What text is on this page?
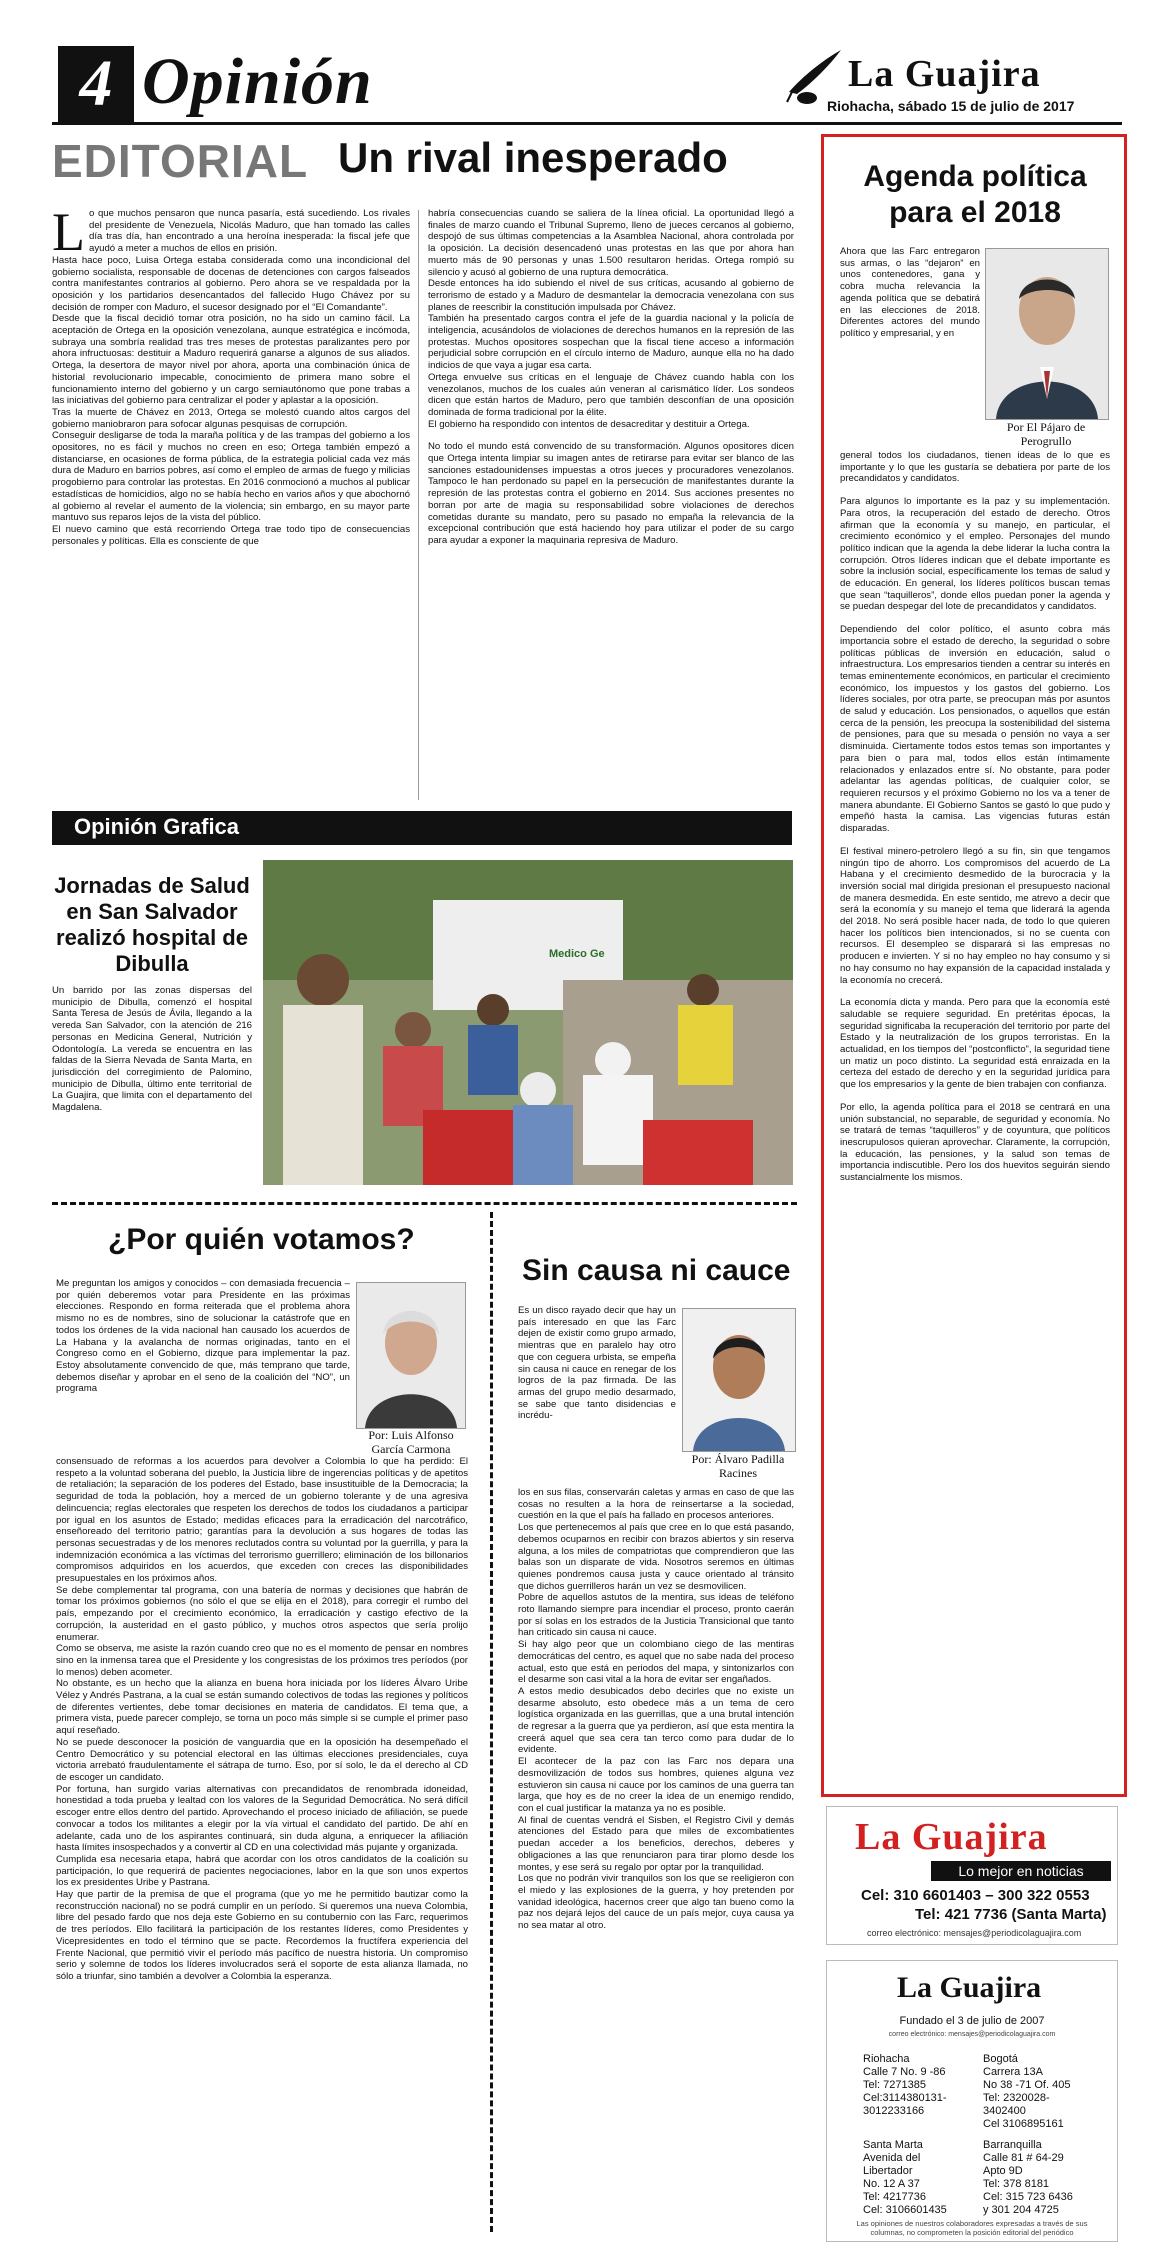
4 Opinión	La Guajira
Riohacha, sábado 15 de julio de 2017
EDITORIAL Un rival inesperado
L o que muchos pensaron que nunca pasaría, está sucediendo. Los rivales del presidente de Venezuela, Nicolás Maduro, que han tomado las calles día tras día, han encontrado a una heroína inesperada: la fiscal jefe que ayudó a meter a muchos de ellos en prisión.

Hasta hace poco, Luisa Ortega estaba considerada como una incondicional del gobierno socialista, responsable de docenas de detenciones con cargos falseados contra manifestantes contrarios al gobierno. Pero ahora se ve respaldada por la oposición y los partidarios desencantados del fallecido Hugo Chávez por su decisión de romper con Maduro, el sucesor designado por el “El Comandante”.

Desde que la fiscal decidió tomar otra posición, no ha sido un camino fácil. La aceptación de Ortega en la oposición venezolana, aunque estratégica e incómoda, subraya una sombría realidad tras tres meses de protestas paralizantes pero por ahora infructuosas: destituir a Maduro requerirá ganarse a algunos de sus aliados. Ortega, la desertora de mayor nivel por ahora, aporta una combinación única de historial revolucionario impecable, conocimiento de primera mano sobre el funcionamiento interno del gobierno y un cargo semiautónomo que pone trabas a las iniciativas del gobierno para centralizar el poder y aplastar a la oposición.

Tras la muerte de Chávez en 2013, Ortega se molestó cuando altos cargos del gobierno maniobraron para sofocar algunas pesquisas de corrupción.

Conseguir desligarse de toda la maraña política y de las trampas del gobierno a los opositores, no es fácil y muchos no creen en eso; Ortega también empezó a distanciarse, en ocasiones de forma pública, de la estrategia policial cada vez más dura de Maduro en barrios pobres, así como el empleo de armas de fuego y milicias progobierno para controlar las protestas. En 2016 conmocionó a muchos al publicar estadísticas de homicidios, algo no se había hecho en varios años y que abochornó al gobierno al revelar el aumento de la violencia; sin embargo, en su mayor parte mantuvo sus reparos lejos de la vista del público.

El nuevo camino que está recorriendo Ortega trae todo tipo de consecuencias personales y políticas. Ella es consciente de que

habría consecuencias cuando se saliera de la línea oficial. La oportunidad llegó a finales de marzo cuando el Tribunal Supremo, lleno de jueces cercanos al gobierno, despojó de sus últimas competencias a la Asamblea Nacional, ahora controlada por la oposición. La decisión desencadenó unas protestas en las que por ahora han muerto más de 90 personas y unas 1.500 resultaron heridas. Ortega rompió su silencio y acusó al gobierno de una ruptura democrática.

Desde entonces ha ido subiendo el nivel de sus críticas, acusando al gobierno de terrorismo de estado y a Maduro de desmantelar la democracia venezolana con sus planes de reescribir la constitución impulsada por Chávez.

También ha presentado cargos contra el jefe de la guardia nacional y la policía de inteligencia, acusándolos de violaciones de derechos humanos en la represión de las protestas. Muchos opositores sospechan que la fiscal tiene acceso a información perjudicial sobre corrupción en el círculo interno de Maduro, aunque ella no ha dado indicios de que vaya a jugar esa carta.

Ortega envuelve sus críticas en el lenguaje de Chávez cuando habla con los venezolanos, muchos de los cuales aún veneran al carismático líder. Los sondeos dicen que están hartos de Maduro, pero que también desconfían de una oposición dominada de forma tradicional por la élite.

El gobierno ha respondido con intentos de desacreditar y destituir a Ortega.

No todo el mundo está convencido de su transformación. Algunos opositores dicen que Ortega intenta limpiar su imagen antes de retirarse para evitar ser blanco de las sanciones estadounidenses impuestas a otros jueces y procuradores venezolanos. Tampoco le han perdonado su papel en la persecución de manifestantes durante la represión de las protestas contra el gobierno en 2014. Sus acciones presentes no borran por arte de magia su responsabilidad sobre violaciones de derechos cometidas durante su mandato, pero su pasado no empaña la relevancia de la excepcional contribución que está haciendo hoy para utilizar el poder de su cargo para ayudar a exponer la maquinaria represiva de Maduro.

Agenda política para el 2018
Ahora que las Farc entregaron sus armas, o las “dejaron” en unos contenedores, gana y cobra mucha relevancia la agenda política que se debatirá en las elecciones de 2018. Diferentes actores del mundo político y empresarial, y en
Por El Pájaro de Perogrullo

general todos los ciudadanos, tienen ideas de lo que es importante y lo que les gustaría se debatiera por parte de los precandidatos y candidatos.

Para algunos lo importante es la paz y su implementación. Para otros, la recuperación del estado de derecho. Otros afirman que la economía y su manejo, en particular, el crecimiento económico y el empleo. Personajes del mundo político indican que la agenda la debe liderar la lucha contra la corrupción. Otros líderes indican que el debate importante es sobre la inclusión social, específicamente los temas de salud y de educación. En general, los líderes políticos buscan temas que sean “taquilleros”, donde ellos puedan poner la agenda y se puedan despegar del lote de precandidatos y candidatos.

Dependiendo del color político, el asunto cobra más importancia sobre el estado de derecho, la seguridad o sobre políticas públicas de inversión en educación, salud o infraestructura. Los empresarios tienden a centrar su interés en temas eminentemente económicos, en particular el crecimiento económico, los impuestos y los gastos del gobierno. Los líderes sociales, por otra parte, se preocupan más por asuntos de salud y educación. Los pensionados, o aquellos que están cerca de la pensión, les preocupa la sostenibilidad del sistema de pensiones, para que su mesada o pensión no vaya a ser disminuida. Ciertamente todos estos temas son importantes y para bien o para mal, todos ellos están íntimamente relacionados y enlazados entre sí. No obstante, para poder adelantar las agendas políticas, de cualquier color, se requieren recursos y el próximo Gobierno no los va a tener de manera abundante. El Gobierno Santos se gastó lo que pudo y empeñó hasta la camisa. Las vigencias futuras están disparadas.

El festival minero-petrolero llegó a su fin, sin que tengamos ningún tipo de ahorro. Los compromisos del acuerdo de La Habana y el crecimiento desmedido de la burocracia y la inversión social mal dirigida presionan el presupuesto nacional de manera desmedida. En este sentido, me atrevo a decir que será la economía y su manejo el tema que liderará la agenda del 2018. No será posible hacer nada, de todo lo que quieren hacer los políticos bien intencionados, si no se cuenta con recursos. El desempleo se disparará si las empresas no producen e invierten. Y si no hay empleo no hay consumo y si no hay consumo no hay expansión de la capacidad instalada y la economía no crecerá.

La economía dicta y manda. Pero para que la economía esté saludable se requiere seguridad. En pretéritas épocas, la seguridad significaba la recuperación del territorio por parte del Estado y la neutralización de los grupos terroristas. En la actualidad, en los tiempos del “postconflicto”, la seguridad tiene un matiz un poco distinto. La seguridad está enraizada en la certeza del estado de derecho y en la seguridad jurídica para que los empresarios y la gente de bien trabajen con confianza.

Por ello, la agenda política para el 2018 se centrará en una unión substancial, no separable, de seguridad y economía. No se tratará de temas “taquilleros” y de coyuntura, que políticos inescrupulosos quieran aprovechar. Claramente, la corrupción, la educación, las pensiones, y la salud son temas de importancia indiscutible. Pero los dos huevitos seguirán siendo sustancialmente los mismos.

Opinión Grafica
Jornadas de Salud en San Salvador realizó hospital de Dibulla
Un barrido por las zonas dispersas del municipio de Dibulla, comenzó el hospital Santa Teresa de Jesús de Ávila, llegando a la vereda San Salvador, con la atención de 216 personas en Medicina General, Nutrición y Odontología. La vereda se encuentra en las faldas de la Sierra Nevada de Santa Marta, en jurisdicción del corregimiento de Palomino, municipio de Dibulla, último ente territorial de La Guajira, que limita con el departamento del Magdalena.
Medico Ge
¿Por quién votamos?
Me preguntan los amigos y conocidos – con demasiada frecuencia – por quién deberemos votar para Presidente en las próximas elecciones. Respondo en forma reiterada que el problema ahora mismo no es de nombres, sino de solucionar la catástrofe que en todos los órdenes de la vida nacional han causado los acuerdos de La Habana y la avalancha de normas originadas, tanto en el Congreso como en el Gobierno, dizque para implementar la paz. Estoy absolutamente convencido de que, más temprano que tarde, debemos diseñar y aprobar en el seno de la coalición del “NO”, un programa
Por: Luis Alfonso García Carmona

consensuado de reformas a los acuerdos para devolver a Colombia lo que ha perdido: El respeto a la voluntad soberana del pueblo, la Justicia libre de ingerencias políticas y de apetitos de retaliación; la separación de los poderes del Estado, base insustituible de la Democracia; la seguridad de toda la población, hoy a merced de un gobierno tolerante y de una agresiva delincuencia; reglas electorales que respeten los derechos de todos los ciudadanos a participar por igual en los asuntos de Estado; medidas eficaces para la erradicación del narcotráfico, enseñoreado del territorio patrio; garantías para la devolución a sus hogares de todas las personas secuestradas y de los menores reclutados contra su voluntad por la guerrilla, y para la indemnización económica a las víctimas del terrorismo guerrillero; eliminación de los billonarios compromisos adquiridos en los acuerdos, que exceden con creces las disponibilidades presupuestales en los próximos años.

Se debe complementar tal programa, con una batería de normas y decisiones que habrán de tomar los próximos gobiernos (no sólo el que se elija en el 2018), para corregir el rumbo del país, empezando por el crecimiento económico, la erradicación y castigo efectivo de la corrupción, la austeridad en el gasto público, y muchos otros aspectos que sería prolijo enumerar.

Como se observa, me asiste la razón cuando creo que no es el momento de pensar en nombres sino en la inmensa tarea que el Presidente y los congresistas de los próximos tres períodos (por lo menos) deben acometer.

No obstante, es un hecho que la alianza en buena hora iniciada por los líderes Álvaro Uribe Vélez y Andrés Pastrana, a la cual se están sumando colectivos de todas las regiones y políticos de diferentes vertientes, debe tomar decisiones en materia de candidatos. El tema que, a primera vista, puede parecer complejo, se torna un poco más simple si se cumple el primer paso aquí reseñado.

No se puede desconocer la posición de vanguardia que en la oposición ha desempeñado el Centro Democrático y su potencial electoral en las últimas elecciones presidenciales, cuya victoria arrebató fraudulentamente el sátrapa de turno. Eso, por sí solo, le da el derecho al CD de escoger un candidato.

Por fortuna, han surgido varias alternativas con precandidatos de renombrada idoneidad, honestidad a toda prueba y lealtad con los valores de la Seguridad Democrática. No será difícil escoger entre ellos dentro del partido. Aprovechando el proceso iniciado de afiliación, se puede convocar a todos los militantes a elegir por la vía virtual el candidato del partido. De ahí en adelante, cada uno de los aspirantes continuará, sin duda alguna, a enriquecer la afiliación hasta límites insospechados y a convertir al CD en una colectividad más pujante y organizada.

Cumplida esa necesaria etapa, habrá que acordar con los otros candidatos de la coalición su participación, lo que requerirá de pacientes negociaciones, labor en la que son unos expertos los ex presidentes Uribe y Pastrana.

Hay que partir de la premisa de que el programa (que yo me he permitido bautizar como la reconstrucción nacional) no se podrá cumplir en un período. Si queremos una nueva Colombia, libre del pesado fardo que nos deja este Gobierno en su contubernio con las Farc, requerimos de tres períodos. Ello facilitará la participación de los restantes líderes, como Presidentes y Vicepresidentes en todo el término que se pacte. Recordemos la fructífera experiencia del Frente Nacional, que permitió vivir el período más pacífico de nuestra historia. Un compromiso serio y solemne de todos los líderes involucrados será el soporte de esta alianza llamada, no sólo a triunfar, sino también a devolver a Colombia la esperanza.

Sin causa ni cauce
Es un disco rayado decir que hay un país interesado en que las Farc dejen de existir como grupo armado, mientras que en paralelo hay otro que con ceguera urbista, se empeña sin causa ni cauce en renegar de los logros de la paz firmada. De las armas del grupo medio desarmado, se sabe que tanto disidencias e incrédu-
Por: Álvaro Padilla Racines

los en sus filas, conservarán caletas y armas en caso de que las cosas no resulten a la hora de reinsertarse a la sociedad, cuestión en la que el país ha fallado en procesos anteriores.

Los que pertenecemos al país que cree en lo que está pasando, debemos ocuparnos en recibir con brazos abiertos y sin reserva alguna, a los miles de compatriotas que comprendieron que las balas son un disparate de vida. Nosotros seremos en últimas quienes pondremos causa justa y cauce orientado al tránsito que dichos guerrilleros harán un vez se desmovilicen.

Pobre de aquellos astutos de la mentira, sus ideas de teléfono roto llamando siempre para incendiar el proceso, pronto caerán por sí solas en los estrados de la Justicia Transicional que tanto han criticado sin causa ni cauce.

Si hay algo peor que un colombiano ciego de las mentiras democráticas del centro, es aquel que no sabe nada del proceso actual, esto que está en periodos del mapa, y sintonizarlos con el desarme son casi vital a la hora de evitar ser engañados.

A estos medio desubicados debo decirles que no existe un desarme absoluto, esto obedece más a un tema de cero logística organizada en las guerrillas, que a una brutal intención de regresar a la guerra que ya perdieron, así que esta mentira la creerá aquel que sea cera tan terco como para dudar de lo evidente.

El acontecer de la paz con las Farc nos depara una desmovilización de todos sus hombres, quienes alguna vez estuvieron sin causa ni cauce por los caminos de una guerra tan larga, que hoy es de no creer la idea de un enemigo rendido, con el cual justificar la matanza ya no es posible.

Al final de cuentas vendrá el Sisben, el Registro Civil y demás atenciones del Estado para que miles de excombatientes puedan acceder a los beneficios, derechos, deberes y obligaciones a las que renunciaron para tirar plomo desde los montes, y ese será su regalo por optar por la tranquilidad.

Los que no podrán vivir tranquilos son los que se reeligieron con el miedo y las explosiones de la guerra, y hoy pretenden por vanidad ideológica, hacernos creer que algo tan bueno como la paz nos dejará lejos del cauce de un país mejor, cuya causa ya no sea matar al otro.

La Guajira
Lo mejor en noticias
Cel: 310 6601403 – 300 322 0553
Tel: 421 7736 (Santa Marta)
correo electrónico: mensajes@periodicolaguajira.com
La Guajira
Fundado el 3 de julio de 2007
correo electrónico: mensajes@periodicolaguajira.com
Riohacha
Calle 7 No. 9 -86
Tel: 7271385
Cel:3114380131-
3012233166
Bogotá
Carrera 13A
No 38 -71 Of. 405
Tel: 2320028-
3402400
Cel 3106895161
Santa Marta
Avenida del
Libertador
No. 12 A 37
Tel: 4217736
Cel: 3106601435
Barranquilla
Calle 81 # 64-29
Apto 9D
Tel: 378 8181
Cel: 315 723 6436
y 301 204 4725
Las opiniones de nuestros colaboradores expresadas a través de sus columnas, no comprometen la posición editorial del periódico
